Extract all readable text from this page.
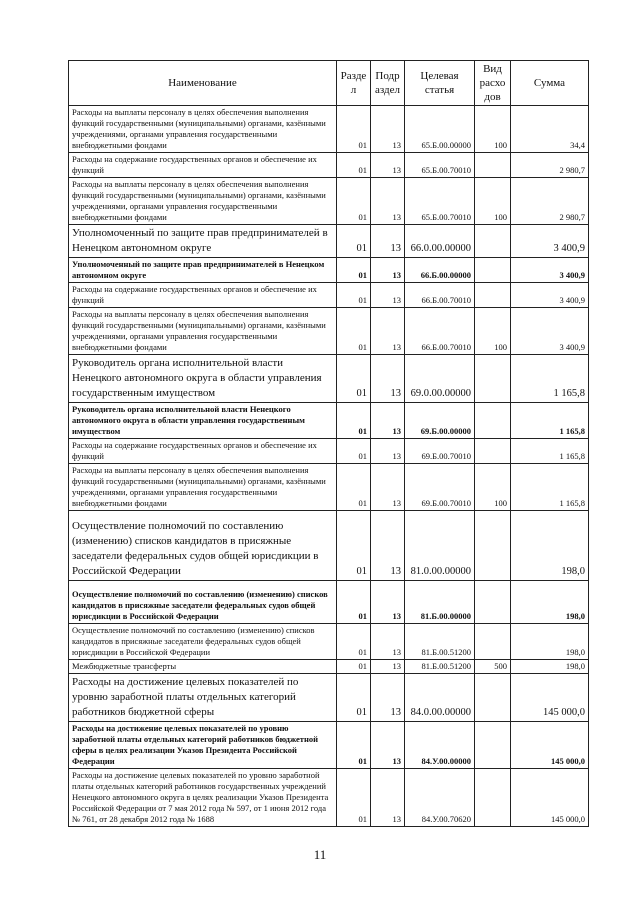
Наименование	Разде л	Подр аздел	Целевая статья	Вид расхо дов	Сумма
Расходы на выплаты персоналу в целях обеспечения выполнения функций государственными (муниципальными) органами, казёнными учреждениями, органами управления государственными внебюджетными фондами	01	13	65.Б.00.00000	100	34,4
Расходы на содержание государственных органов и обеспечение их функций	01	13	65.Б.00.70010		2 980,7
Расходы на выплаты персоналу в целях обеспечения выполнения функций государственными (муниципальными) органами, казёнными учреждениями, органами управления государственными внебюджетными фондами	01	13	65.Б.00.70010	100	2 980,7
Уполномоченный по защите прав предпринимателей в Ненецком автономном округе	01	13	66.0.00.00000		3 400,9
Уполномоченный по защите прав предпринимателей в Ненецком автономном округе	01	13	66.Б.00.00000		3 400,9
Расходы на содержание государственных органов и обеспечение их функций	01	13	66.Б.00.70010		3 400,9
Расходы на выплаты персоналу в целях обеспечения выполнения функций государственными (муниципальными) органами, казёнными учреждениями, органами управления государственными внебюджетными фондами	01	13	66.Б.00.70010	100	3 400,9
Руководитель органа исполнительной власти Ненецкого автономного округа в области управления государственным имуществом	01	13	69.0.00.00000		1 165,8
Руководитель органа исполнительной власти Ненецкого автономного округа в области управления государственным имуществом	01	13	69.Б.00.00000		1 165,8
Расходы на содержание государственных органов и обеспечение их функций	01	13	69.Б.00.70010		1 165,8
Расходы на выплаты персоналу в целях обеспечения выполнения функций государственными (муниципальными) органами, казёнными учреждениями, органами управления государственными внебюджетными фондами	01	13	69.Б.00.70010	100	1 165,8
Осуществление полномочий по составлению (изменению) списков кандидатов в присяжные заседатели федеральных судов общей юрисдикции в Российской Федерации	01	13	81.0.00.00000		198,0
Осуществление полномочий по составлению (изменению) списков кандидатов в присяжные заседатели федеральных судов общей юрисдикции в Российской Федерации	01	13	81.Б.00.00000		198,0
Осуществление полномочий по составлению (изменению) списков кандидатов в присяжные заседатели федеральных судов общей юрисдикции в Российской Федерации	01	13	81.Б.00.51200		198,0
Межбюджетные трансферты	01	13	81.Б.00.51200	500	198,0
Расходы на достижение целевых показателей по уровню заработной платы отдельных категорий работников бюджетной сферы	01	13	84.0.00.00000		145 000,0
Расходы на достижение целевых показателей по уровню заработной платы отдельных категорий работников бюджетной сферы в целях реализации Указов Президента Российской Федерации	01	13	84.У.00.00000		145 000,0
Расходы на достижение целевых показателей по уровню заработной платы отдельных категорий работников государственных учреждений Ненецкого автономного округа в целях реализации Указов Президента Российской Федерации от 7 мая 2012 года № 597, от 1 июня 2012 года № 761, от 28 декабря 2012 года № 1688	01	13	84.У.00.70620		145 000,0
11
